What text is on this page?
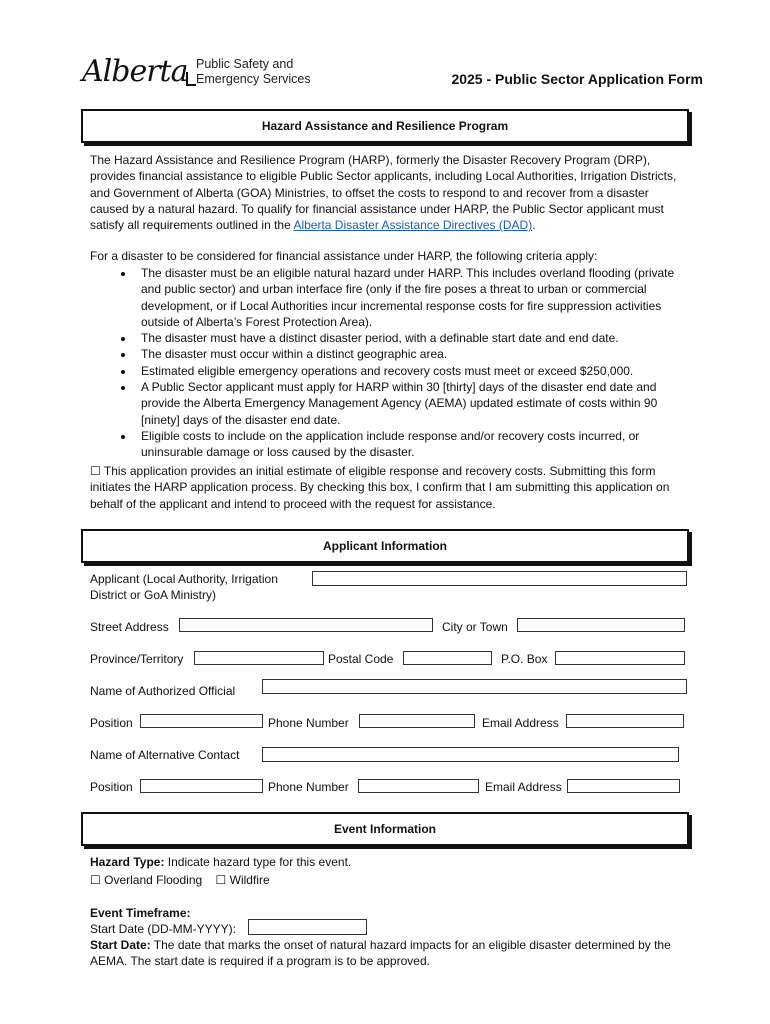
Alberta Public Safety and
Emergency Services	2025 - Public Sector Application Form
Hazard Assistance and Resilience Program
The Hazard Assistance and Resilience Program (HARP), formerly the Disaster Recovery Program (DRP), provides financial assistance to eligible Public Sector applicants, including Local Authorities, Irrigation Districts, and Government of Alberta (GOA) Ministries, to offset the costs to respond to and recover from a disaster caused by a natural hazard. To qualify for financial assistance under HARP, the Public Sector applicant must satisfy all requirements outlined in the Alberta Disaster Assistance Directives (DAD).
For a disaster to be considered for financial assistance under HARP, the following criteria apply:
• The disaster must be an eligible natural hazard under HARP. This includes overland flooding (private and public sector) and urban interface fire (only if the fire poses a threat to urban or commercial development, or if Local Authorities incur incremental response costs for fire suppression activities outside of Alberta’s Forest Protection Area).
• The disaster must have a distinct disaster period, with a definable start date and end date.
• The disaster must occur within a distinct geographic area.
• Estimated eligible emergency operations and recovery costs must meet or exceed $250,000.
• A Public Sector applicant must apply for HARP within 30 [thirty] days of the disaster end date and provide the Alberta Emergency Management Agency (AEMA) updated estimate of costs within 90 [ninety] days of the disaster end date.
• Eligible costs to include on the application include response and/or recovery costs incurred, or uninsurable damage or loss caused by the disaster.
☐ This application provides an initial estimate of eligible response and recovery costs. Submitting this form initiates the HARP application process. By checking this box, I confirm that I am submitting this application on behalf of the applicant and intend to proceed with the request for assistance.
Applicant Information
Applicant (Local Authority, Irrigation
District or GoA Ministry)
Street Address	City or Town
Province/Territory	Postal Code	P.O. Box
Name of Authorized Official
Position	Phone Number	Email Address
Name of Alternative Contact
Position	Phone Number	Email Address
Event Information
Hazard Type: Indicate hazard type for this event.
☐ Overland Flooding ☐ Wildfire
Event Timeframe:
Start Date (DD-MM-YYYY):
Start Date: The date that marks the onset of natural hazard impacts for an eligible disaster determined by the AEMA. The start date is required if a program is to be approved.
